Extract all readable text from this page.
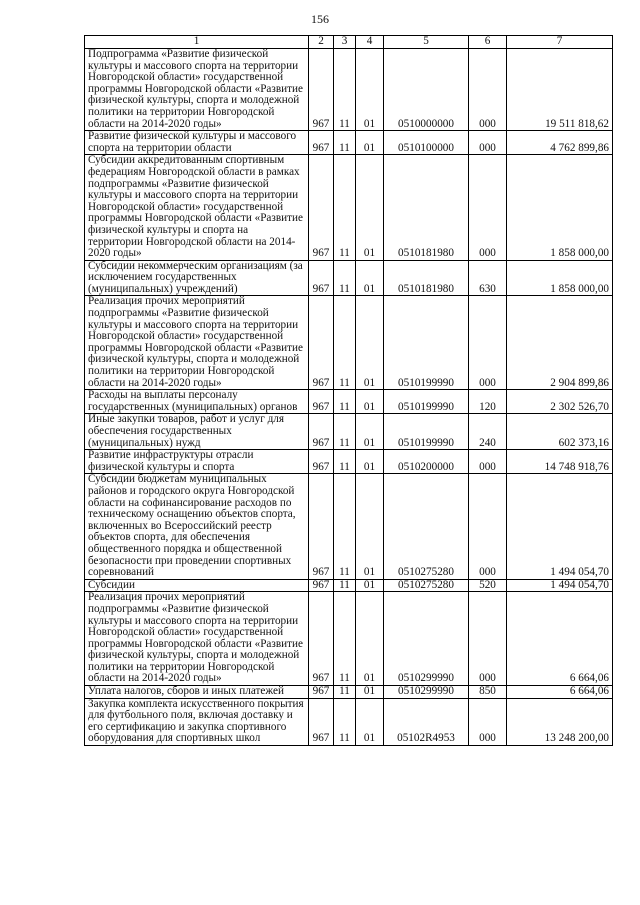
156
1	2	3	4	5	6	7
Подпрограмма «Развитие физической культуры и массового спорта на территории Новгородской области» государственной программы Новгородской области «Развитие физической культуры, спорта и молодежной политики на территории Новгородской области на 2014-2020 годы»	967	11	01	0510000000	000	19 511 818,62
Развитие физической культуры и массового спорта на территории области	967	11	01	0510100000	000	4 762 899,86
Субсидии аккредитованным спортивным федерациям Новгородской области в рамках подпрограммы «Развитие физической культуры и массового спорта на территории Новгородской области» государственной программы Новгородской области «Развитие физической культуры и спорта на территории Новгородской области на 2014-2020 годы»	967	11	01	0510181980	000	1 858 000,00
Субсидии некоммерческим организациям (за исключением государственных (муниципальных) учреждений)	967	11	01	0510181980	630	1 858 000,00
Реализация прочих мероприятий подпрограммы «Развитие физической культуры и массового спорта на территории Новгородской области» государственной программы Новгородской области «Развитие физической культуры, спорта и молодежной политики на территории Новгородской области на 2014-2020 годы»	967	11	01	0510199990	000	2 904 899,86
Расходы на выплаты персоналу государственных (муниципальных) органов	967	11	01	0510199990	120	2 302 526,70
Иные закупки товаров, работ и услуг для обеспечения государственных (муниципальных) нужд	967	11	01	0510199990	240	602 373,16
Развитие инфраструктуры отрасли физической культуры и спорта	967	11	01	0510200000	000	14 748 918,76
Субсидии бюджетам муниципальных районов и городского округа Новгородской области на софинансирование расходов по техническому оснащению объектов спорта, включенных во Всероссийский реестр объектов спорта, для обеспечения общественного порядка и общественной безопасности при проведении спортивных соревнований	967	11	01	0510275280	000	1 494 054,70
Субсидии	967	11	01	0510275280	520	1 494 054,70
Реализация прочих мероприятий подпрограммы «Развитие физической культуры и массового спорта на территории Новгородской области» государственной программы Новгородской области «Развитие физической культуры, спорта и молодежной политики на территории Новгородской области на 2014-2020 годы»	967	11	01	0510299990	000	6 664,06
Уплата налогов, сборов и иных платежей	967	11	01	0510299990	850	6 664,06
Закупка комплекта искусственного покрытия для футбольного поля, включая доставку и его сертификацию и закупка спортивного оборудования для спортивных школ	967	11	01	05102R4953	000	13 248 200,00
